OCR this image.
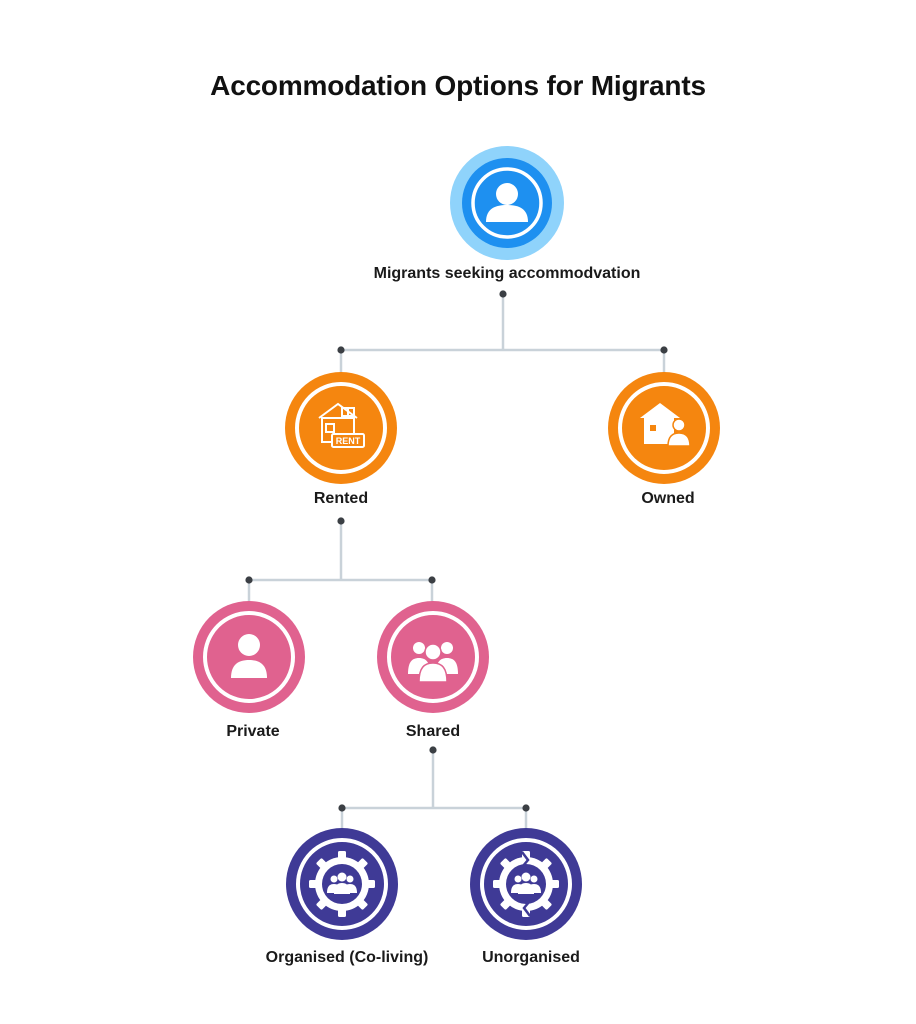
Accommodation Options for Migrants
RENT
Migrants seeking accommodvation
Rented	Owned
Private	Shared
Organised (Co-living)	Unorganised
